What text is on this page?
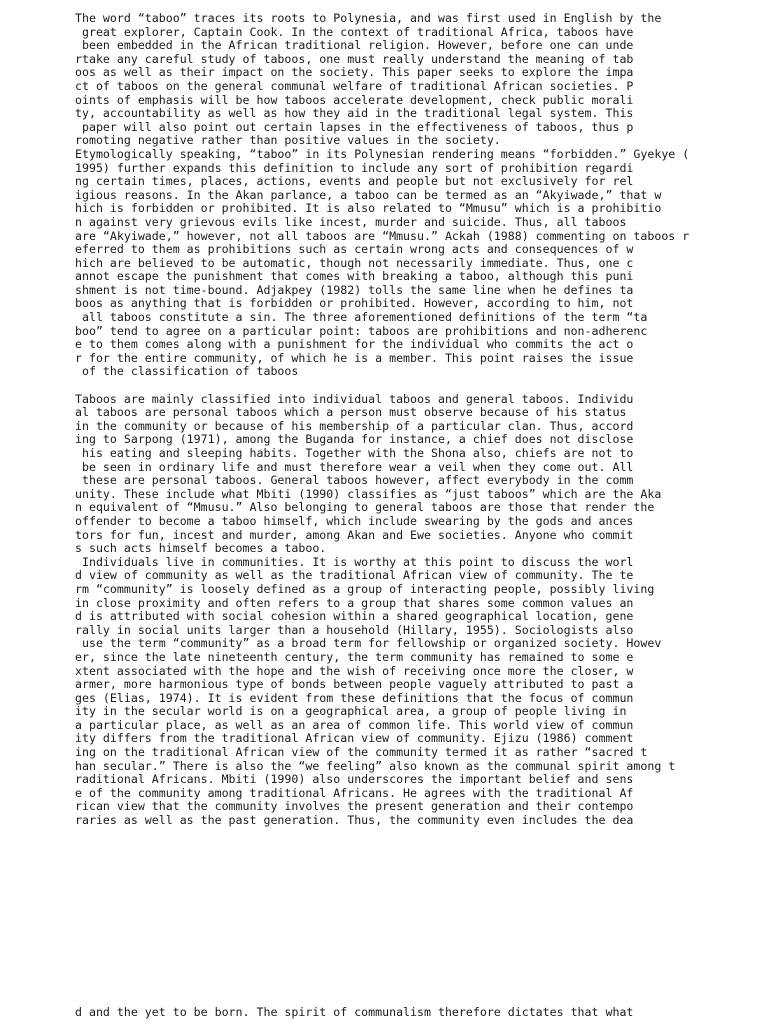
The word “taboo” traces its roots to Polynesia, and was first used in English by the
great explorer, Captain Cook. In the context of traditional Africa, taboos have
been embedded in the African traditional religion. However, before one can unde
rtake any careful study of taboos, one must really understand the meaning of tab
oos as well as their impact on the society. This paper seeks to explore the impa
ct of taboos on the general communal welfare of traditional African societies. P
oints of emphasis will be how taboos accelerate development, check public morali
ty, accountability as well as how they aid in the traditional legal system. This
paper will also point out certain lapses in the effectiveness of taboos, thus p
romoting negative rather than positive values in the society.
Etymologically speaking, “taboo” in its Polynesian rendering means “forbidden.” Gyekye (
1995) further expands this definition to include any sort of prohibition regardi
ng certain times, places, actions, events and people but not exclusively for rel
igious reasons. In the Akan parlance, a taboo can be termed as an “Akyiwade,” that w
hich is forbidden or prohibited. It is also related to “Mmusu” which is a prohibitio
n against very grievous evils like incest, murder and suicide. Thus, all taboos
are “Akyiwade,” however, not all taboos are “Mmusu.” Ackah (1988) commenting on taboos r
eferred to them as prohibitions such as certain wrong acts and consequences of w
hich are believed to be automatic, though not necessarily immediate. Thus, one c
annot escape the punishment that comes with breaking a taboo, although this puni
shment is not time-bound. Adjakpey (1982) tolls the same line when he defines ta
boos as anything that is forbidden or prohibited. However, according to him, not
all taboos constitute a sin. The three aforementioned definitions of the term “ta
boo” tend to agree on a particular point: taboos are prohibitions and non-adherenc
e to them comes along with a punishment for the individual who commits the act o
r for the entire community, of which he is a member. This point raises the issue
of the classification of taboos
Taboos are mainly classified into individual taboos and general taboos. Individu
al taboos are personal taboos which a person must observe because of his status
in the community or because of his membership of a particular clan. Thus, accord
ing to Sarpong (1971), among the Buganda for instance, a chief does not disclose
his eating and sleeping habits. Together with the Shona also, chiefs are not to
be seen in ordinary life and must therefore wear a veil when they come out. All
these are personal taboos. General taboos however, affect everybody in the comm
unity. These include what Mbiti (1990) classifies as “just taboos” which are the Aka
n equivalent of “Mmusu.” Also belonging to general taboos are those that render the
offender to become a taboo himself, which include swearing by the gods and ances
tors for fun, incest and murder, among Akan and Ewe societies. Anyone who commit
s such acts himself becomes a taboo.
Individuals live in communities. It is worthy at this point to discuss the worl
d view of community as well as the traditional African view of community. The te
rm “community” is loosely defined as a group of interacting people, possibly living
in close proximity and often refers to a group that shares some common values an
d is attributed with social cohesion within a shared geographical location, gene
rally in social units larger than a household (Hillary, 1955). Sociologists also
use the term “community” as a broad term for fellowship or organized society. Howev
er, since the late nineteenth century, the term community has remained to some e
xtent associated with the hope and the wish of receiving once more the closer, w
armer, more harmonious type of bonds between people vaguely attributed to past a
ges (Elias, 1974). It is evident from these definitions that the focus of commun
ity in the secular world is on a geographical area, a group of people living in
a particular place, as well as an area of common life. This world view of commun
ity differs from the traditional African view of community. Ejizu (1986) comment
ing on the traditional African view of the community termed it as rather “sacred t
han secular.” There is also the “we feeling” also known as the communal spirit among t
raditional Africans. Mbiti (1990) also underscores the important belief and sens
e of the community among traditional Africans. He agrees with the traditional Af
rican view that the community involves the present generation and their contempo
raries as well as the past generation. Thus, the community even includes the dea
d and the yet to be born. The spirit of communalism therefore dictates that what
